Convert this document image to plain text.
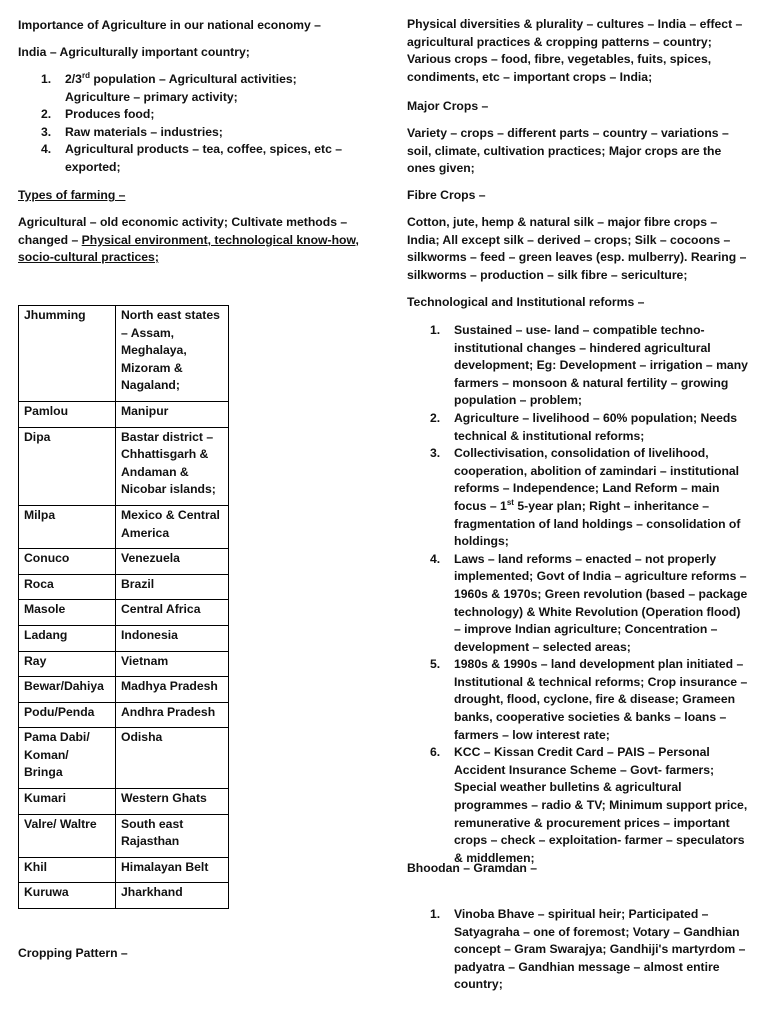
Importance of Agriculture in our national economy –
India – Agriculturally important country;
1. 2/3rd population – Agricultural activities; Agriculture – primary activity;
2. Produces food;
3. Raw materials – industries;
4. Agricultural products – tea, coffee, spices, etc – exported;
Types of farming –
Agricultural – old economic activity; Cultivate methods – changed – Physical environment, technological know-how, socio-cultural practices;
Jhumming	North east states – Assam, Meghalaya, Mizoram & Nagaland;
Pamlou	Manipur
Dipa	Bastar district – Chhattisgarh & Andaman & Nicobar islands;
Milpa	Mexico & Central America
Conuco	Venezuela
Roca	Brazil
Masole	Central Africa
Ladang	Indonesia
Ray	Vietnam
Bewar/Dahiya	Madhya Pradesh
Podu/Penda	Andhra Pradesh
Pama Dabi/ Koman/ Bringa	Odisha
Kumari	Western Ghats
Valre/ Waltre	South east Rajasthan
Khil	Himalayan Belt
Kuruwa	Jharkhand
Cropping Pattern –
Physical diversities & plurality – cultures – India – effect – agricultural practices & cropping patterns – country; Various crops – food, fibre, vegetables, fuits, spices, condiments, etc – important crops – India;
Major Crops –
Variety – crops – different parts – country – variations – soil, climate, cultivation practices; Major crops are the ones given;
Fibre Crops –
Cotton, jute, hemp & natural silk – major fibre crops – India; All except silk – derived – crops; Silk – cocoons – silkworms – feed – green leaves (esp. mulberry). Rearing – silkworms – production – silk fibre – sericulture;
Technological and Institutional reforms –
1. Sustained – use- land – compatible techno-institutional changes – hindered agricultural development; Eg: Development – irrigation – many farmers – monsoon & natural fertility – growing population – problem;
2. Agriculture – livelihood – 60% population; Needs technical & institutional reforms;
3. Collectivisation, consolidation of livelihood, cooperation, abolition of zamindari – institutional reforms – Independence; Land Reform – main focus – 1st 5-year plan; Right – inheritance – fragmentation of land holdings – consolidation of holdings;
4. Laws – land reforms – enacted – not properly implemented; Govt of India – agriculture reforms – 1960s & 1970s; Green revolution (based – package technology) & White Revolution (Operation flood) – improve Indian agriculture; Concentration – development – selected areas;
5. 1980s & 1990s – land development plan initiated – Institutional & technical reforms; Crop insurance – drought, flood, cyclone, fire & disease; Grameen banks, cooperative societies & banks – loans – farmers – low interest rate;
6. KCC – Kissan Credit Card – PAIS – Personal Accident Insurance Scheme – Govt- farmers; Special weather bulletins & agricultural programmes – radio & TV; Minimum support price, remunerative & procurement prices – important crops – check – exploitation- farmer – speculators & middlemen;
Bhoodan – Gramdan –
1. Vinoba Bhave – spiritual heir; Participated – Satyagraha – one of foremost; Votary – Gandhian concept – Gram Swarajya; Gandhiji's martyrdom – padyatra – Gandhian message – almost entire country;
